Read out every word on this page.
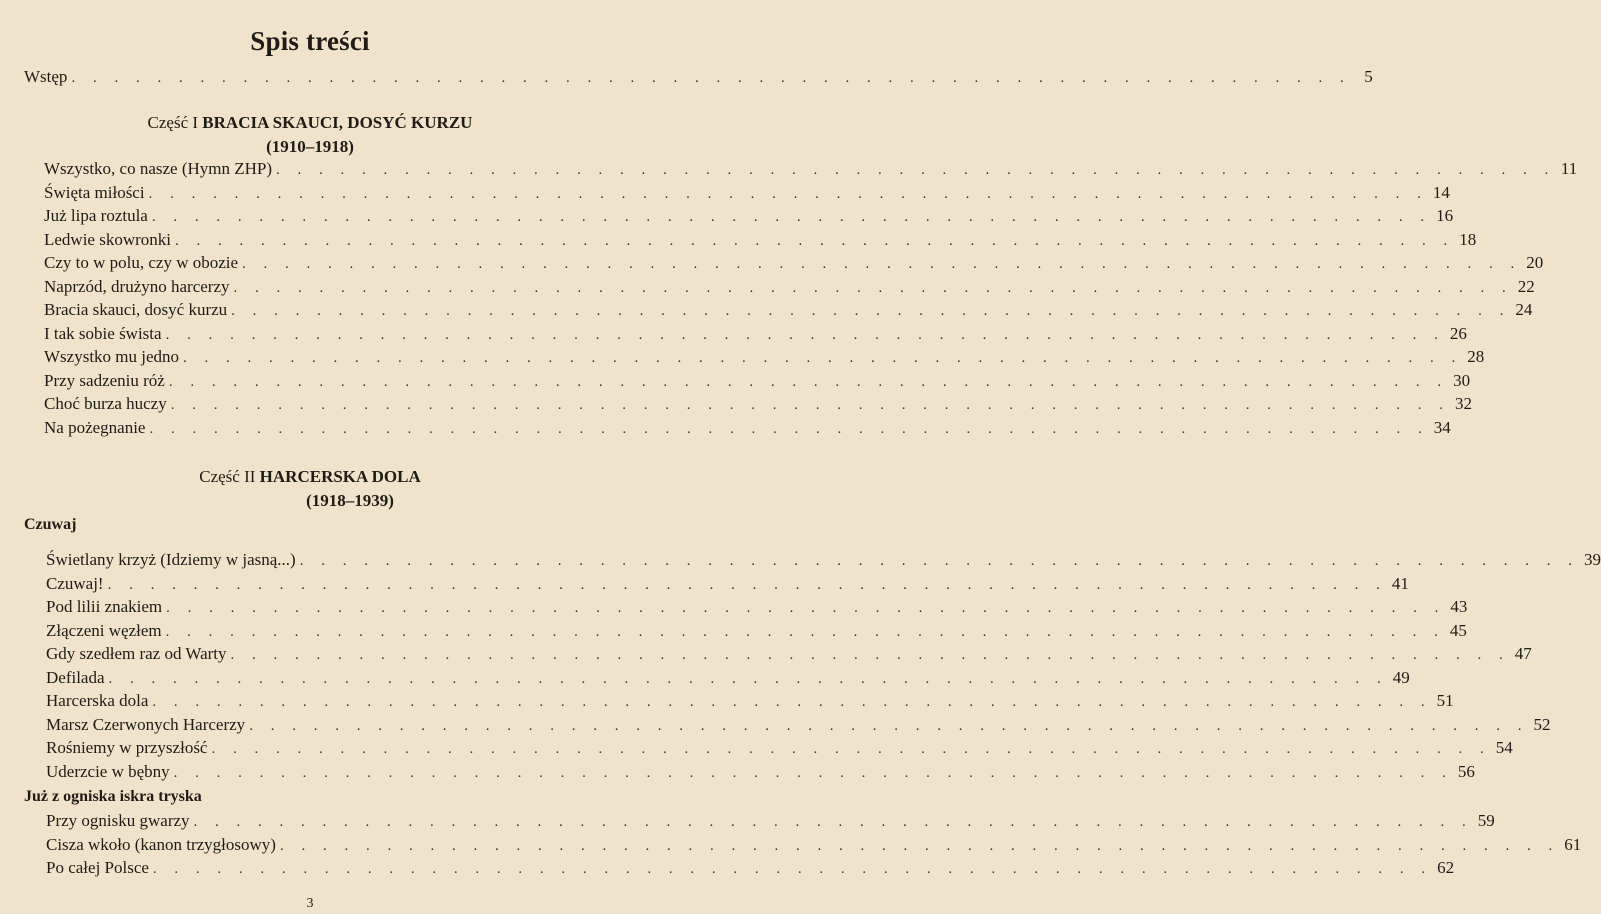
Spis treści
Wstęp . . . . . . . . . . . . . . . . . . . . . . . . . . . . . . . . . . . . . . . . . . . . . . . . . . . . . . . . . . . . 5
Część I BRACIA SKAUCI, DOSYĆ KURZU
(1910–1918)
Wszystko, co nasze (Hymn ZHP) . . . . . . . . . . . . . . . . . . . . . . . . . . . . . . . . . . . . . . . . . . . . . . . . . . . . . . . . . . . . 11
Święta miłości . . . . . . . . . . . . . . . . . . . . . . . . . . . . . . . . . . . . . . . . . . . . . . . . . . . . . . . . . . . . 14
Już lipa roztula . . . . . . . . . . . . . . . . . . . . . . . . . . . . . . . . . . . . . . . . . . . . . . . . . . . . . . . . . . . . 16
Ledwie skowronki . . . . . . . . . . . . . . . . . . . . . . . . . . . . . . . . . . . . . . . . . . . . . . . . . . . . . . . . . . . . 18
Czy to w polu, czy w obozie . . . . . . . . . . . . . . . . . . . . . . . . . . . . . . . . . . . . . . . . . . . . . . . . . . . . . . . . . . . . 20
Naprzód, drużyno harcerzy . . . . . . . . . . . . . . . . . . . . . . . . . . . . . . . . . . . . . . . . . . . . . . . . . . . . . . . . . . . . 22
Bracia skauci, dosyć kurzu . . . . . . . . . . . . . . . . . . . . . . . . . . . . . . . . . . . . . . . . . . . . . . . . . . . . . . . . . . . . 24
I tak sobie śwista . . . . . . . . . . . . . . . . . . . . . . . . . . . . . . . . . . . . . . . . . . . . . . . . . . . . . . . . . . . . 26
Wszystko mu jedno . . . . . . . . . . . . . . . . . . . . . . . . . . . . . . . . . . . . . . . . . . . . . . . . . . . . . . . . . . . . 28
Przy sadzeniu róż . . . . . . . . . . . . . . . . . . . . . . . . . . . . . . . . . . . . . . . . . . . . . . . . . . . . . . . . . . . . 30
Choć burza huczy . . . . . . . . . . . . . . . . . . . . . . . . . . . . . . . . . . . . . . . . . . . . . . . . . . . . . . . . . . . . 32
Na pożegnanie . . . . . . . . . . . . . . . . . . . . . . . . . . . . . . . . . . . . . . . . . . . . . . . . . . . . . . . . . . . . 34
Część II HARCERSKA DOLA
(1918–1939)
Czuwaj
Świetlany krzyż (Idziemy w jasną...) . . . . . . . . . . . . . . . . . . . . . . . . . . . . . . . . . . . . . . . . . . . . . . . . . . . . . . . . . . . . 39
Czuwaj! . . . . . . . . . . . . . . . . . . . . . . . . . . . . . . . . . . . . . . . . . . . . . . . . . . . . . . . . . . . . 41
Pod lilii znakiem . . . . . . . . . . . . . . . . . . . . . . . . . . . . . . . . . . . . . . . . . . . . . . . . . . . . . . . . . . . . 43
Złączeni węzłem . . . . . . . . . . . . . . . . . . . . . . . . . . . . . . . . . . . . . . . . . . . . . . . . . . . . . . . . . . . . 45
Gdy szedłem raz od Warty . . . . . . . . . . . . . . . . . . . . . . . . . . . . . . . . . . . . . . . . . . . . . . . . . . . . . . . . . . . . 47
Defilada . . . . . . . . . . . . . . . . . . . . . . . . . . . . . . . . . . . . . . . . . . . . . . . . . . . . . . . . . . . . 49
Harcerska dola . . . . . . . . . . . . . . . . . . . . . . . . . . . . . . . . . . . . . . . . . . . . . . . . . . . . . . . . . . . . 51
Marsz Czerwonych Harcerzy . . . . . . . . . . . . . . . . . . . . . . . . . . . . . . . . . . . . . . . . . . . . . . . . . . . . . . . . . . . . 52
Rośniemy w przyszłość . . . . . . . . . . . . . . . . . . . . . . . . . . . . . . . . . . . . . . . . . . . . . . . . . . . . . . . . . . . . 54
Uderzcie w bębny . . . . . . . . . . . . . . . . . . . . . . . . . . . . . . . . . . . . . . . . . . . . . . . . . . . . . . . . . . . . 56
Już z ogniska iskra tryska
Przy ognisku gwarzy . . . . . . . . . . . . . . . . . . . . . . . . . . . . . . . . . . . . . . . . . . . . . . . . . . . . . . . . . . . . 59
Cisza wkoło (kanon trzygłosowy) . . . . . . . . . . . . . . . . . . . . . . . . . . . . . . . . . . . . . . . . . . . . . . . . . . . . . . . . . . . . 61
Po całej Polsce . . . . . . . . . . . . . . . . . . . . . . . . . . . . . . . . . . . . . . . . . . . . . . . . . . . . . . . . . . . . 62
3
